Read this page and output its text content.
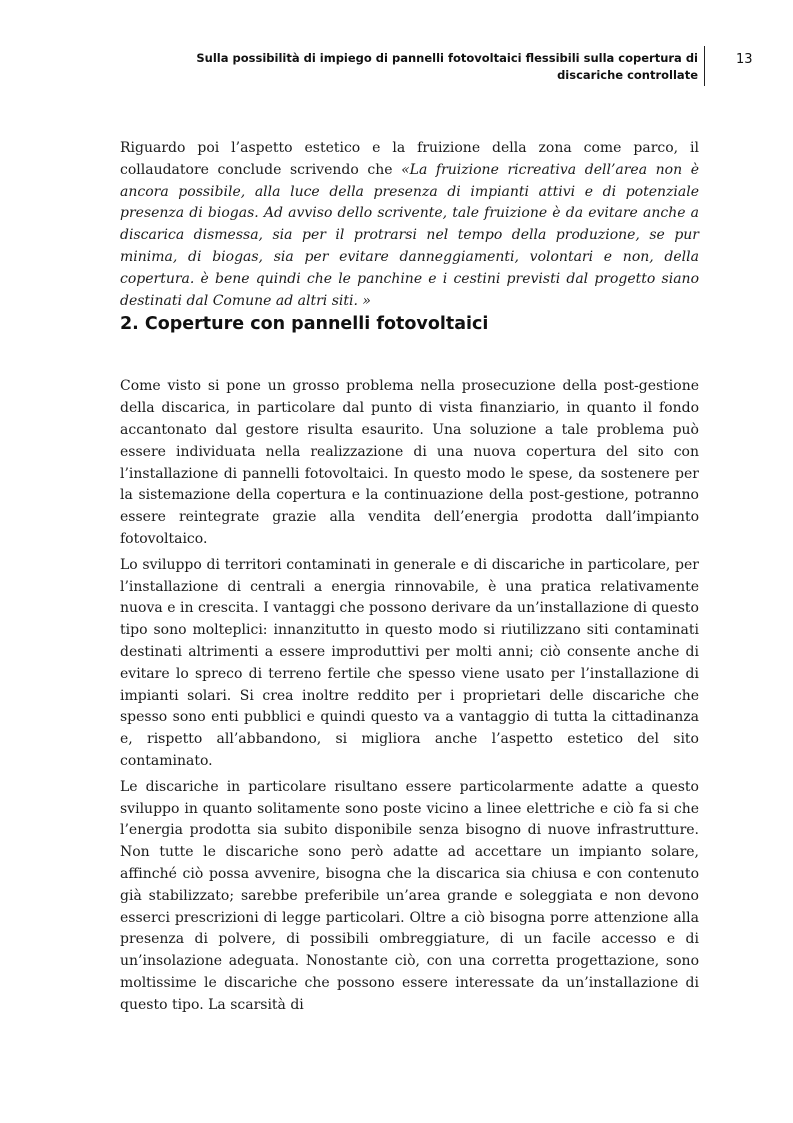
Sulla possibilità di impiego di pannelli fotovoltaici flessibili sulla copertura di
discariche controllate
13

Riguardo poi l’aspetto estetico e la fruizione della zona come parco, il collaudatore conclude scrivendo che «La fruizione ricreativa dell’area non è ancora possibile, alla luce della presenza di impianti attivi e di potenziale presenza di biogas. Ad avviso dello scrivente, tale fruizione è da evitare anche a discarica dismessa, sia per il protrarsi nel tempo della produzione, se pur minima, di biogas, sia per evitare danneggiamenti, volontari e non, della copertura. è bene quindi che le panchine e i cestini previsti dal progetto siano destinati dal Comune ad altri siti. »

2. Coperture con pannelli fotovoltaici

Come visto si pone un grosso problema nella prosecuzione della post-gestione della discarica, in particolare dal punto di vista finanziario, in quanto il fondo accantonato dal gestore risulta esaurito. Una soluzione a tale problema può essere individuata nella realizzazione di una nuova copertura del sito con l’installazione di pannelli fotovoltaici. In questo modo le spese, da sostenere per la sistemazione della copertura e la continuazione della post-gestione, potranno essere reintegrate grazie alla vendita dell’energia prodotta dall’impianto fotovoltaico.

Lo sviluppo di territori contaminati in generale e di discariche in particolare, per l’installazione di centrali a energia rinnovabile, è una pratica relativamente nuova e in crescita. I vantaggi che possono derivare da un’installazione di questo tipo sono molteplici: innanzitutto in questo modo si riutilizzano siti contaminati destinati altrimenti a essere improduttivi per molti anni; ciò consente anche di evitare lo spreco di terreno fertile che spesso viene usato per l’installazione di impianti solari. Si crea inoltre reddito per i proprietari delle discariche che spesso sono enti pubblici e quindi questo va a vantaggio di tutta la cittadinanza e, rispetto all’abbandono, si migliora anche l’aspetto estetico del sito contaminato.

Le discariche in particolare risultano essere particolarmente adatte a questo sviluppo in quanto solitamente sono poste vicino a linee elettriche e ciò fa si che l’energia prodotta sia subito disponibile senza bisogno di nuove infrastrutture. Non tutte le discariche sono però adatte ad accettare un impianto solare, affinché ciò possa avvenire, bisogna che la discarica sia chiusa e con contenuto già stabilizzato; sarebbe preferibile un’area grande e soleggiata e non devono esserci prescrizioni di legge particolari. Oltre a ciò bisogna porre attenzione alla presenza di polvere, di possibili ombreggiature, di un facile accesso e di un’insolazione adeguata. Nonostante ciò, con una corretta progettazione, sono moltissime le discariche che possono essere interessate da un’installazione di questo tipo. La scarsità di
